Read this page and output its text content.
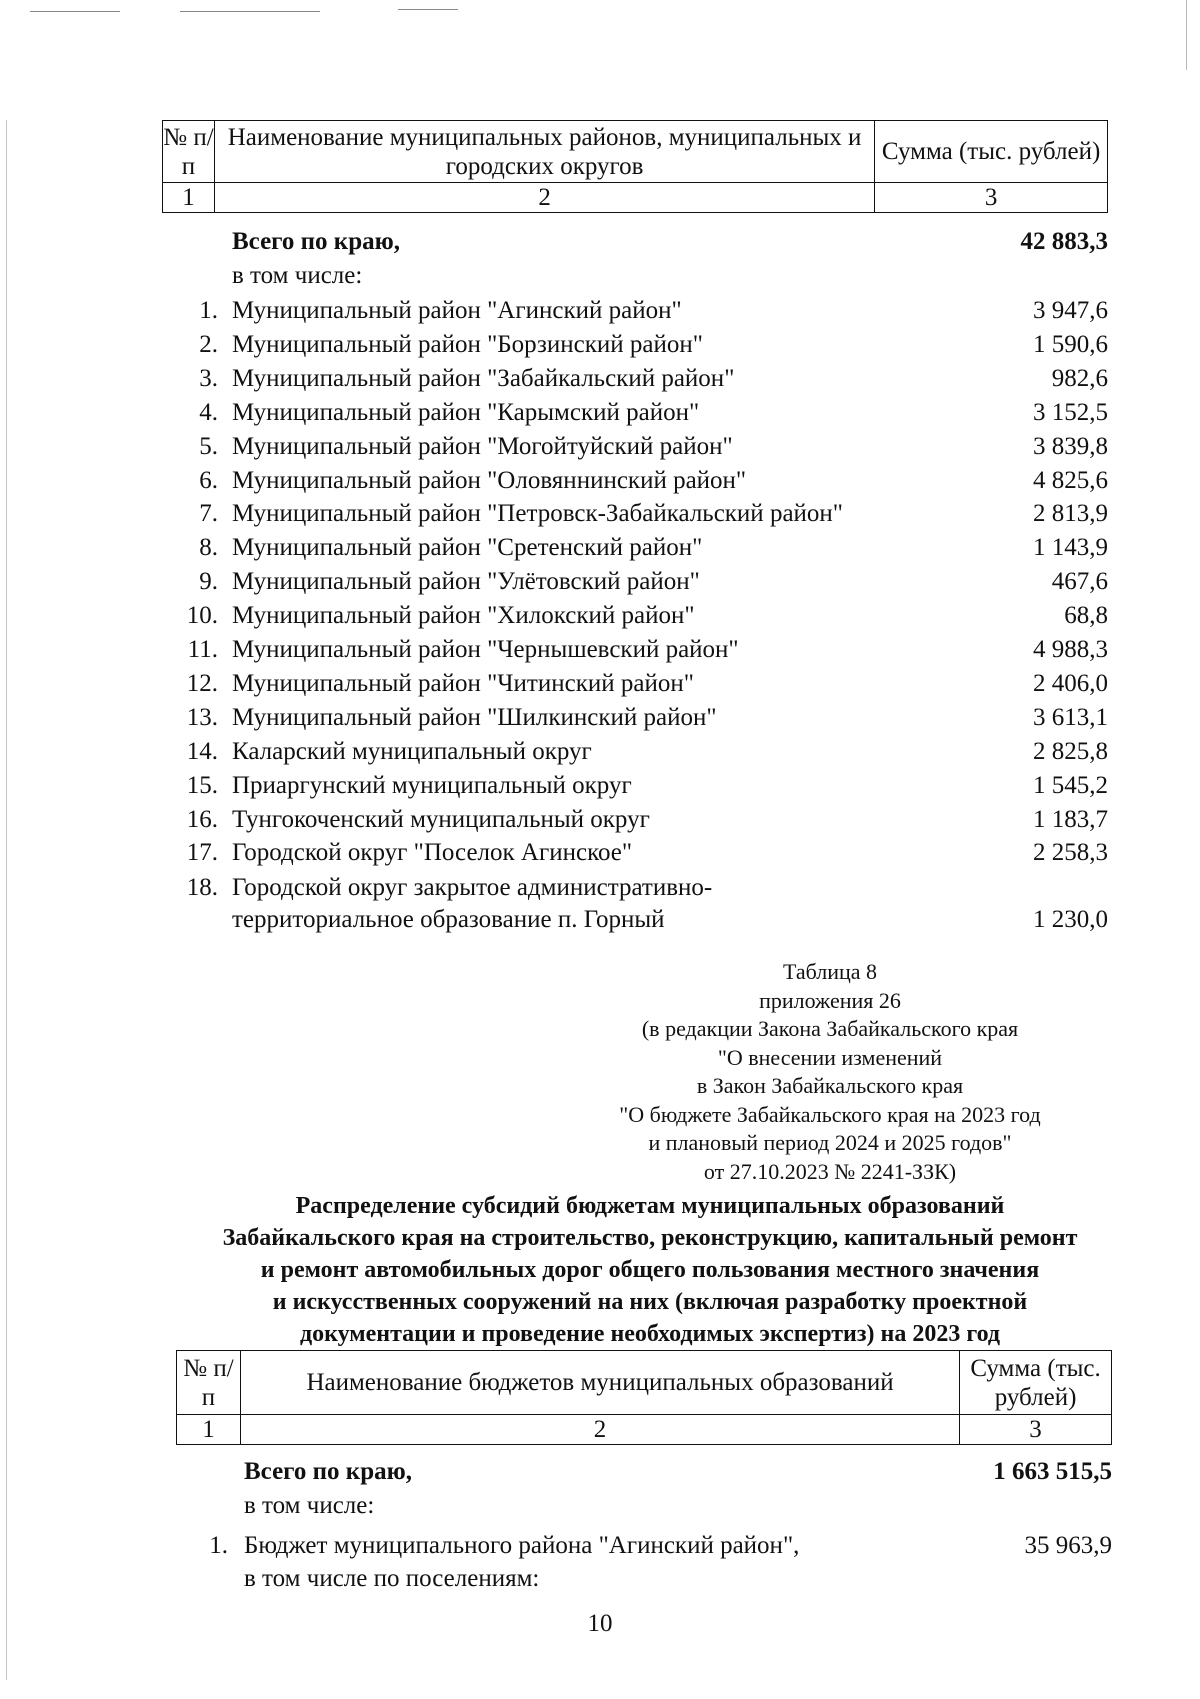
№ п/п	Наименование муниципальных районов, муниципальных и городских округов	Сумма (тыс. рублей)
1	2	3
Всего по краю,	42 883,3
в том числе:
1. Муниципальный район "Агинский район"	3 947,6
2. Муниципальный район "Борзинский район"	1 590,6
3. Муниципальный район "Забайкальский район"	982,6
4. Муниципальный район "Карымский район"	3 152,5
5. Муниципальный район "Могойтуйский район"	3 839,8
6. Муниципальный район "Оловяннинский район"	4 825,6
7. Муниципальный район "Петровск-Забайкальский район"	2 813,9
8. Муниципальный район "Сретенский район"	1 143,9
9. Муниципальный район "Улётовский район"	467,6
10. Муниципальный район "Хилокский район"	68,8
11. Муниципальный район "Чернышевский район"	4 988,3
12. Муниципальный район "Читинский район"	2 406,0
13. Муниципальный район "Шилкинский район"	3 613,1
14. Каларский муниципальный округ	2 825,8
15. Приаргунский муниципальный округ	1 545,2
16. Тунгокоченский муниципальный округ	1 183,7
17. Городской округ "Поселок Агинское"	2 258,3
18. Городской округ закрытое административно-
территориальное образование п. Горный	1 230,0
Таблица 8
приложения 26
(в редакции Закона Забайкальского края
"О внесении изменений
в Закон Забайкальского края
"О бюджете Забайкальского края на 2023 год
и плановый период 2024 и 2025 годов"
от 27.10.2023 № 2241-ЗЗК)
Распределение субсидий бюджетам муниципальных образований
Забайкальского края на строительство, реконструкцию, капитальный ремонт
и ремонт автомобильных дорог общего пользования местного значения
и искусственных сооружений на них (включая разработку проектной
документации и проведение необходимых экспертиз) на 2023 год
№ п/п	Наименование бюджетов муниципальных образований	Сумма (тыс. рублей)
1	2	3
Всего по краю,	1 663 515,5
в том числе:
1. Бюджет муниципального района "Агинский район",	35 963,9
в том числе по поселениям:
10
